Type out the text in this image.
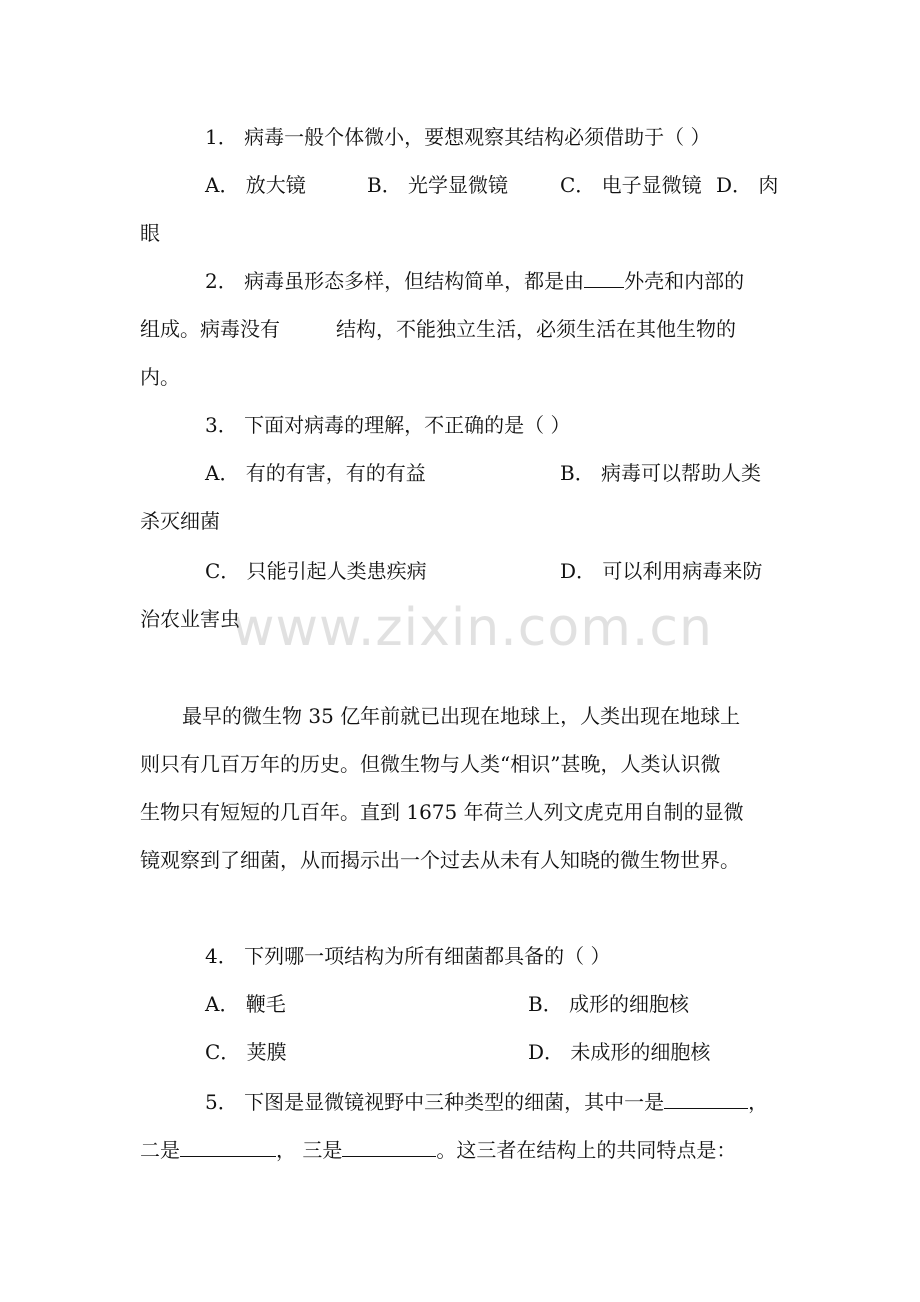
www.zixin.com.cn
1． 病毒一般个体微小，要想观察其结构必须借助于（ ）
A． 放大镜	B． 光学显微镜	C． 电子显微镜 D． 肉
眼
2． 病毒虽形态多样，但结构简单，都是由 外壳和内部的
组成。病毒没有	结构，不能独立生活，必须生活在其他生物的
内。
3． 下面对病毒的理解，不正确的是（ ）
A． 有的有害，有的有益	B． 病毒可以帮助人类
杀灭细菌
C． 只能引起人类患疾病	D． 可以利用病毒来防
治农业害虫
最早的微生物 35 亿年前就已出现在地球上，人类出现在地球上
则只有几百万年的历史。但微生物与人类“相识”甚晚，人类认识微
生物只有短短的几百年。直到 1675 年荷兰人列文虎克用自制的显微
镜观察到了细菌，从而揭示出一个过去从未有人知晓的微生物世界。
4． 下列哪一项结构为所有细菌都具备的（ ）
A． 鞭毛	B． 成形的细胞核
C． 荚膜	D． 未成形的细胞核
5． 下图是显微镜视野中三种类型的细菌，其中一是	，
二是	， 三是	。这三者在结构上的共同特点是：
